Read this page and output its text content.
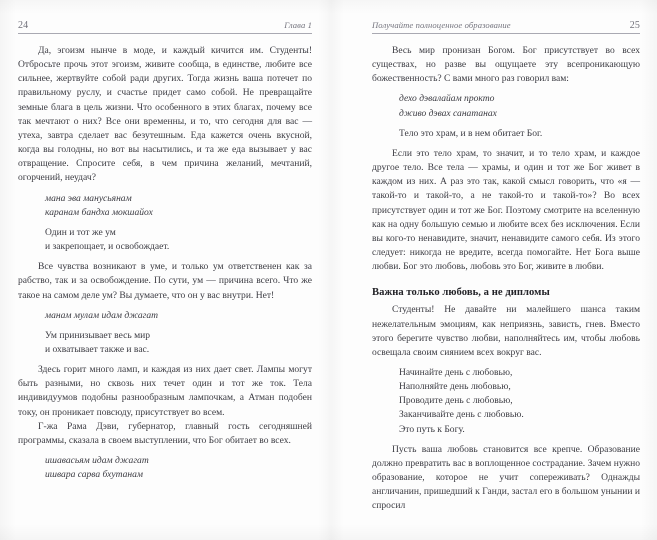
24	Глава 1

Да, эгоизм нынче в моде, и каждый кичится им. Студенты! Отбросьте прочь этот эгоизм, живите сообща, в единстве, любите все сильнее, жертвуйте собой ради других. Тогда жизнь ваша потечет по правильному руслу, и счастье придет само собой. Не превращайте земные блага в цель жизни. Что особенного в этих благах, почему все так мечтают о них? Все они временны, и то, что сегодня для вас — утеха, завтра сделает вас безутешным. Еда кажется очень вкусной, когда вы голодны, но вот вы насытились, и та же еда вызывает у вас отвращение. Спросите себя, в чем причина желаний, мечтаний, огорчений, неудач?

мана эва манусьянам

каранам бандха мокшайох

Один и тот же ум

и закрепощает, и освобождает.

Все чувства возникают в уме, и только ум ответственен как за рабство, так и за освобождение. По сути, ум — причина всего. Что же такое на самом деле ум? Вы думаете, что он у вас внутри. Нет!

манам мулам идам джагат

Ум принизывает весь мир

и охватывает также и вас.

Здесь горит много ламп, и каждая из них дает свет. Лампы могут быть разными, но сквозь них течет один и тот же ток. Тела индивидуумов подобны разнообразным лампочкам, а Атман подобен току, он проникает повсюду, присутствует во всем.

Г-жа Рама Дэви, губернатор, главный гость сегодняшней программы, сказала в своем выступлении, что Бог обитает во всех.

ишавасьям идам джагат

ишвара сарва бхутанам

Получайте полноценное образование	25

Весь мир пронизан Богом. Бог присутствует во всех существах, но разве вы ощущаете эту всепроникающую божественность? С вами много раз говорил вам:

дехо дэвалайам прокто

дживо дэвах санатанах

Тело это храм, и в нем обитает Бог.

Если это тело храм, то значит, и то тело храм, и каждое другое тело. Все тела — храмы, и один и тот же Бог живет в каждом из них. А раз это так, какой смысл говорить, что «я — такой-то и такой-то, а не такой-то и такой-то»? Во всех присутствует один и тот же Бог. Поэтому смотрите на вселенную как на одну большую семью и любите всех без исключения. Если вы кого-то ненавидите, значит, ненавидите самого себя. Из этого следует: никогда не вредите, всегда помогайте. Нет Бога выше любви. Бог это любовь, любовь это Бог, живите в любви.

Важна только любовь, а не дипломы

Студенты! Не давайте ни малейшего шанса таким нежелательным эмоциям, как неприязнь, зависть, гнев. Вместо этого берегите чувство любви, наполняйтесь им, чтобы любовь освещала своим сиянием всех вокруг вас.

Начинайте день с любовью,

Наполняйте день любовью,

Проводите день с любовью,

Заканчивайте день с любовью.

Это путь к Богу.

Пусть ваша любовь становится все крепче. Образование должно превратить вас в воплощенное сострадание. Зачем нужно образование, которое не учит сопереживать? Однажды англичанин, пришедший к Ганди, застал его в большом унынии и спросил
